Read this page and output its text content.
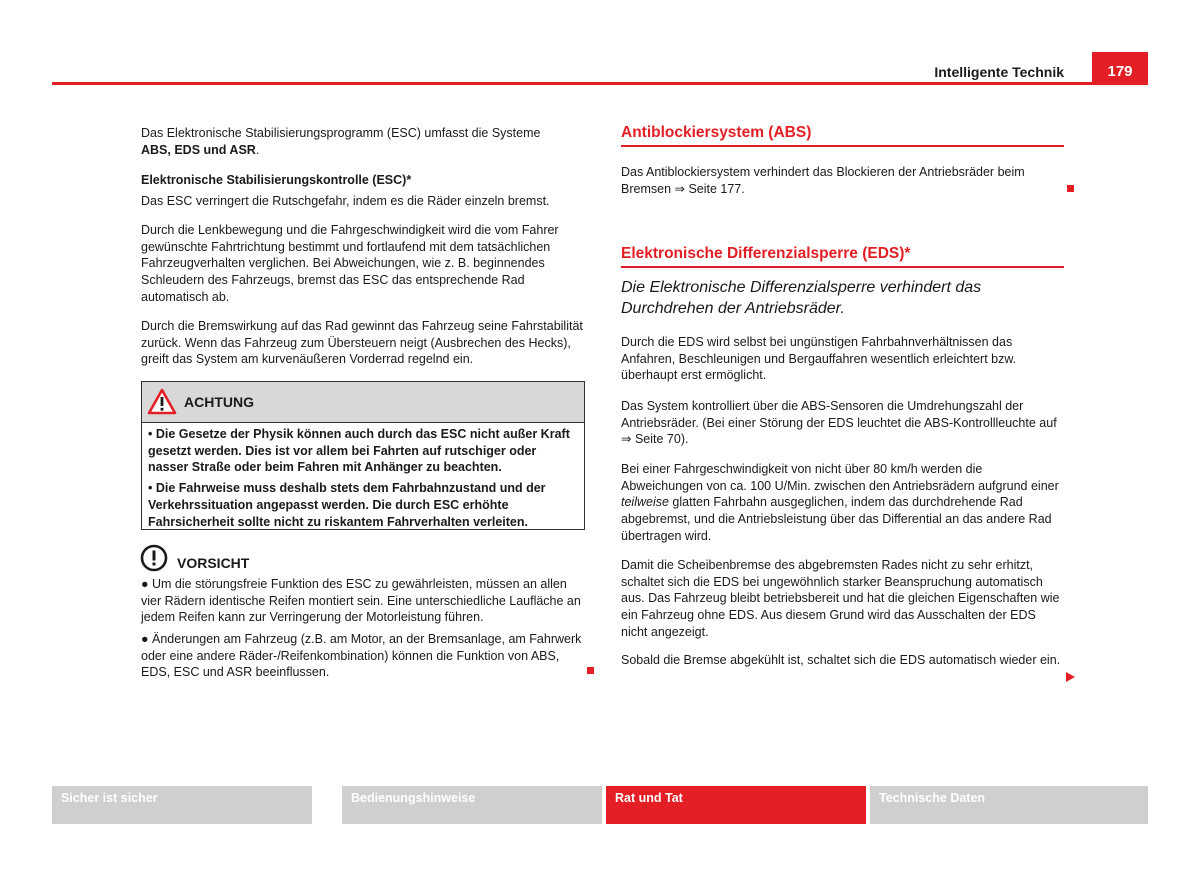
Intelligente Technik	179

Das Elektronische Stabilisierungsprogramm (ESC) umfasst die Systeme
ABS, EDS und ASR.

Elektronische Stabilisierungskontrolle (ESC)*

Das ESC verringert die Rutschgefahr, indem es die Räder einzeln bremst.

Durch die Lenkbewegung und die Fahrgeschwindigkeit wird die vom Fahrer gewünschte Fahrtrichtung bestimmt und fortlaufend mit dem tatsächlichen Fahrzeugverhalten verglichen. Bei Abweichungen, wie z. B. beginnendes Schleudern des Fahrzeugs, bremst das ESC das entsprechende Rad automatisch ab.

Durch die Bremswirkung auf das Rad gewinnt das Fahrzeug seine Fahrstabilität zurück. Wenn das Fahrzeug zum Übersteuern neigt (Ausbrechen des Hecks), greift das System am kurvenäußeren Vorderrad regelnd ein.

ACHTUNG

• Die Gesetze der Physik können auch durch das ESC nicht außer Kraft gesetzt werden. Dies ist vor allem bei Fahrten auf rutschiger oder nasser Straße oder beim Fahren mit Anhänger zu beachten.

• Die Fahrweise muss deshalb stets dem Fahrbahnzustand und der Verkehrssituation angepasst werden. Die durch ESC erhöhte Fahrsicherheit sollte nicht zu riskantem Fahrverhalten verleiten.

VORSICHT

● Um die störungsfreie Funktion des ESC zu gewährleisten, müssen an allen vier Rädern identische Reifen montiert sein. Eine unterschiedliche Laufläche an jedem Reifen kann zur Verringerung der Motorleistung führen.

● Änderungen am Fahrzeug (z.B. am Motor, an der Bremsanlage, am Fahrwerk oder eine andere Räder-/Reifenkombination) können die Funktion von ABS, EDS, ESC und ASR beeinflussen.

Antiblockiersystem (ABS)

Das Antiblockiersystem verhindert das Blockieren der Antriebsräder beim Bremsen ⇒ Seite 177.

Elektronische Differenzialsperre (EDS)*

Die Elektronische Differenzialsperre verhindert das Durchdrehen der Antriebsräder.

Durch die EDS wird selbst bei ungünstigen Fahrbahnverhältnissen das Anfahren, Beschleunigen und Bergauffahren wesentlich erleichtert bzw. überhaupt erst ermöglicht.

Das System kontrolliert über die ABS-Sensoren die Umdrehungszahl der Antriebsräder. (Bei einer Störung der EDS leuchtet die ABS-Kontrollleuchte auf ⇒ Seite 70).

Bei einer Fahrgeschwindigkeit von nicht über 80 km/h werden die Abweichungen von ca. 100 U/Min. zwischen den Antriebsrädern aufgrund einer teilweise glatten Fahrbahn ausgeglichen, indem das durchdrehende Rad abgebremst, und die Antriebsleistung über das Differential an das andere Rad übertragen wird.

Damit die Scheibenbremse des abgebremsten Rades nicht zu sehr erhitzt, schaltet sich die EDS bei ungewöhnlich starker Beanspruchung automatisch aus. Das Fahrzeug bleibt betriebsbereit und hat die gleichen Eigenschaften wie ein Fahrzeug ohne EDS. Aus diesem Grund wird das Ausschalten der EDS nicht angezeigt.

Sobald die Bremse abgekühlt ist, schaltet sich die EDS automatisch wieder ein.

Sicher ist sicher	Bedienungshinweise	Rat und Tat	Technische Daten
